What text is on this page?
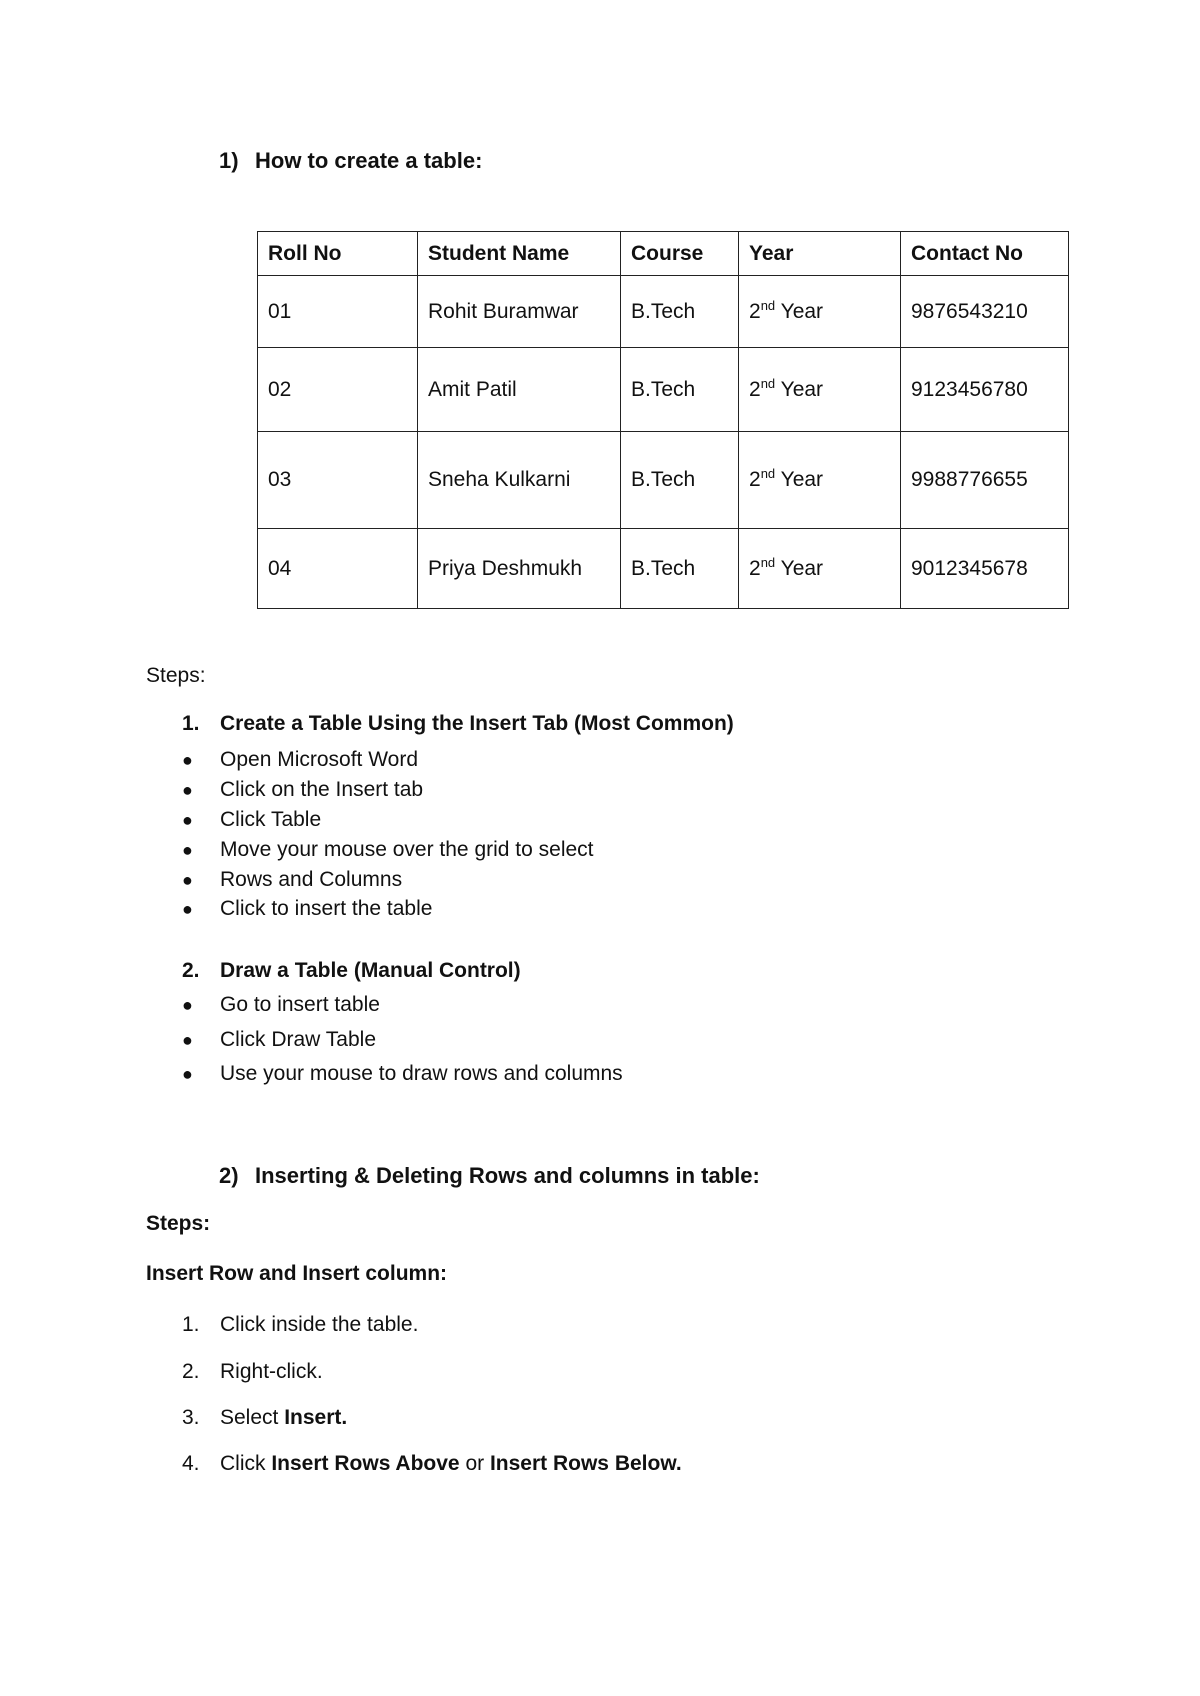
1) How to create a table:
Roll No	Student Name	Course	Year	Contact No
01	Rohit Buramwar	B.Tech	2nd Year	9876543210
02	Amit Patil	B.Tech	2nd Year	9123456780
03	Sneha Kulkarni	B.Tech	2nd Year	9988776655
04	Priya Deshmukh	B.Tech	2nd Year	9012345678
Steps:
1. Create a Table Using the Insert Tab (Most Common)
● Open Microsoft Word
● Click on the Insert tab
● Click Table
● Move your mouse over the grid to select
● Rows and Columns
● Click to insert the table
2. Draw a Table (Manual Control)
● Go to insert table
● Click Draw Table
● Use your mouse to draw rows and columns
2) Inserting & Deleting Rows and columns in table:
Steps:
Insert Row and Insert column:
1. Click inside the table.
2. Right-click.
3. Select Insert.
4. Click Insert Rows Above or Insert Rows Below.
